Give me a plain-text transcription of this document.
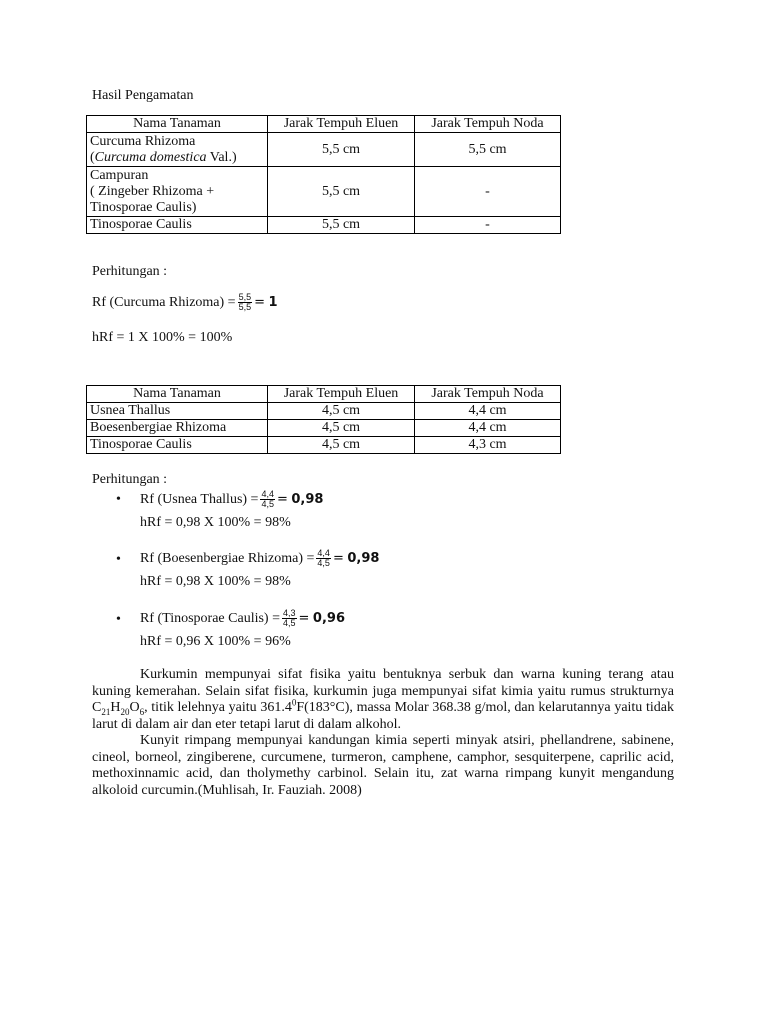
Hasil Pengamatan
Nama Tanaman	Jarak Tempuh Eluen	Jarak Tempuh Noda
Curcuma Rhizoma
(Curcuma domestica Val.)	5,5 cm	5,5 cm
Campuran
( Zingeber Rhizoma +
Tinosporae Caulis)	5,5 cm	-
Tinosporae Caulis	5,5 cm	-
Perhitungan :
Rf (Curcuma Rhizoma) = $\frac{5,5}{5,5} = 1$
hRf = 1 X 100% = 100%
Nama Tanaman	Jarak Tempuh Eluen	Jarak Tempuh Noda
Usnea Thallus	4,5 cm	4,4 cm
Boesenbergiae Rhizoma	4,5 cm	4,4 cm
Tinosporae Caulis	4,5 cm	4,3 cm
Perhitungan :
• Rf (Usnea Thallus) = $\frac{4,4}{4,5} = 0,98$
hRf = 0,98 X 100% = 98%
• Rf (Boesenbergiae Rhizoma) = $\frac{4,4}{4,5} = 0,98$
hRf = 0,98 X 100% = 98%
• Rf (Tinosporae Caulis) = $\frac{4,3}{4,5} = 0,96$
hRf = 0,96 X 100% = 96%

Kurkumin mempunyai sifat fisika yaitu bentuknya serbuk dan warna kuning terang atau kuning kemerahan. Selain sifat fisika, kurkumin juga mempunyai sifat kimia yaitu rumus strukturnya $C_{21}H_{20}O_6$, titik lelehnya yaitu 361.4$^0$F(183°C), massa Molar 368.38 g/mol, dan kelarutannya yaitu tidak larut di dalam air dan eter tetapi larut di dalam alkohol.

Kunyit rimpang mempunyai kandungan kimia seperti minyak atsiri, phellandrene, sabinene, cineol, borneol, zingiberene, curcumene, turmeron, camphene, camphor, sesquiterpene, caprilic acid, methoxinnamic acid, dan tholymethy carbinol. Selain itu, zat warna rimpang kunyit mengandung alkoloid curcumin.(Muhlisah, Ir. Fauziah. 2008)
